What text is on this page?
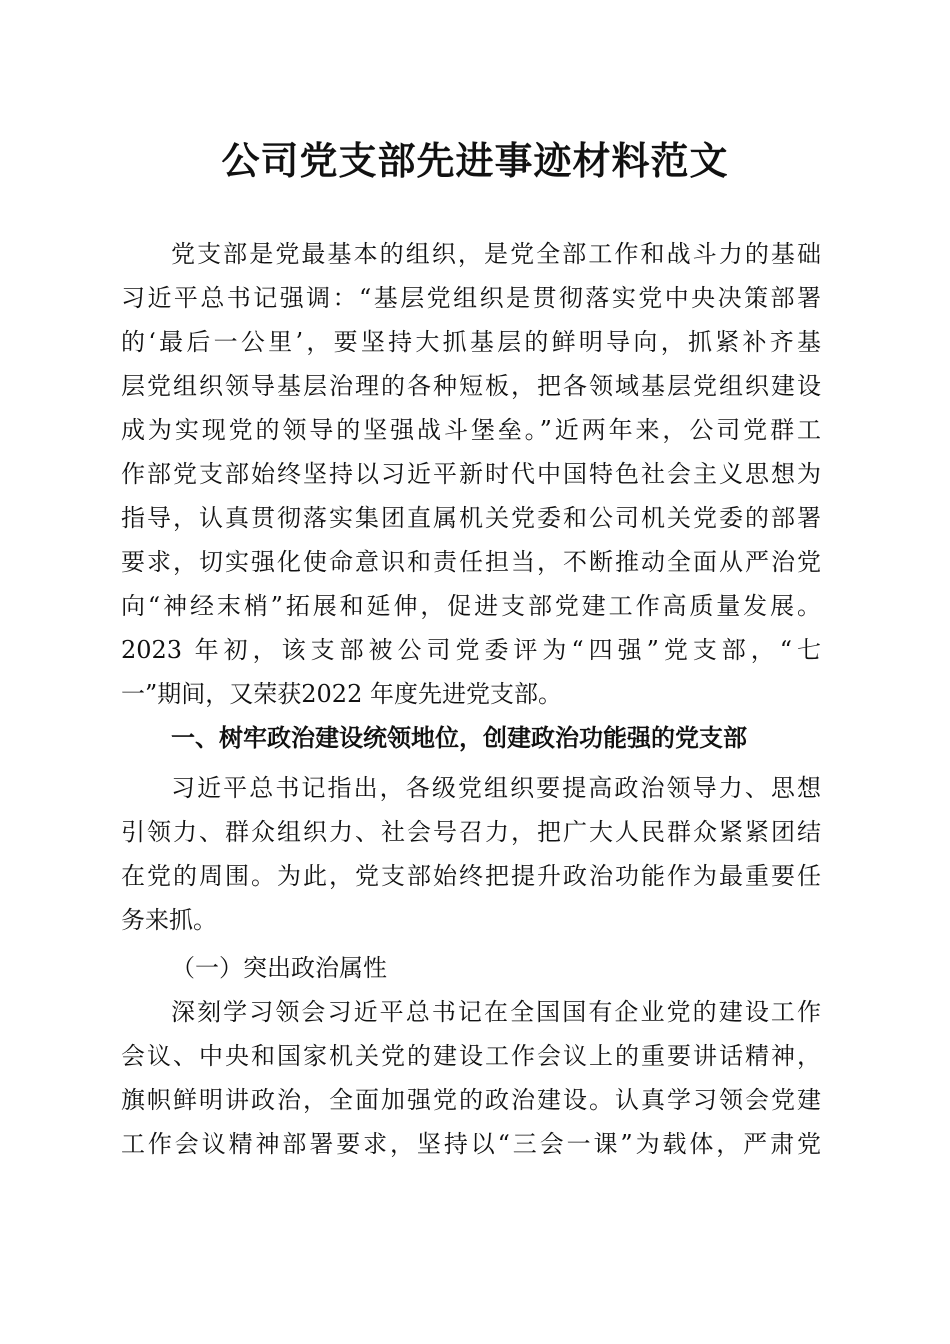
公司党支部先进事迹材料范文

党支部是党最基本的组织，是党全部工作和战斗力的基础

习近平总书记强调：“基层党组织是贯彻落实党中央决策部署

的‘最后一公里’，要坚持大抓基层的鲜明导向，抓紧补齐基

层党组织领导基层治理的各种短板，把各领域基层党组织建设

成为实现党的领导的坚强战斗堡垒。”近两年来，公司党群工

作部党支部始终坚持以习近平新时代中国特色社会主义思想为

指导，认真贯彻落实集团直属机关党委和公司机关党委的部署

要求，切实强化使命意识和责任担当，不断推动全面从严治党

向“神经末梢”拓展和延伸，促进支部党建工作高质量发展。

2023 年初，该支部被公司党委评为“四强”党支部，“七

一”期间，又荣获2022 年度先进党支部。

一、树牢政治建设统领地位，创建政治功能强的党支部

习近平总书记指出，各级党组织要提高政治领导力、思想

引领力、群众组织力、社会号召力，把广大人民群众紧紧团结

在党的周围。为此，党支部始终把提升政治功能作为最重要任

务来抓。

（一）突出政治属性

深刻学习领会习近平总书记在全国国有企业党的建设工作

会议、中央和国家机关党的建设工作会议上的重要讲话精神，

旗帜鲜明讲政治，全面加强党的政治建设。认真学习领会党建

工作会议精神部署要求，坚持以“三会一课”为载体，严肃党
